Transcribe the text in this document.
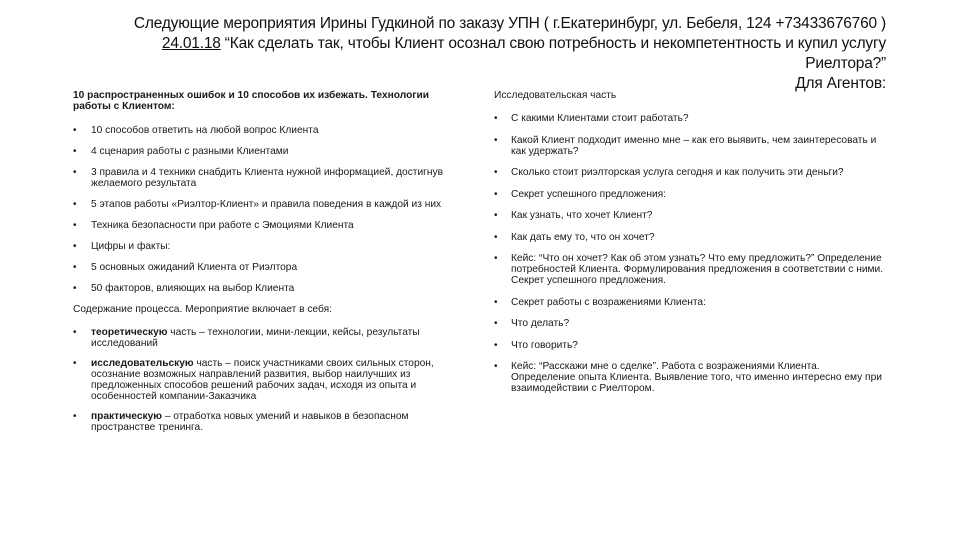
Следующие мероприятия Ирины Гудкиной по заказу УПН ( г.Екатеринбург, ул. Бебеля, 124 +73433676760 )
24.01.18 “Как сделать так, чтобы Клиент осознал свою потребность и некомпетентность и купил услугу Риелтора?”
Для Агентов:
10 распространенных ошибок и 10 способов их избежать. Технологии работы с Клиентом:
• 10 способов ответить на любой вопрос Клиента
• 4 сценария работы с разными Клиентами
• 3 правила и 4 техники снабдить Клиента нужной информацией, достигнув желаемого результата
• 5 этапов работы «Риэлтор-Клиент» и правила поведения в каждой из них
• Техника безопасности при работе с Эмоциями Клиента
• Цифры и факты:
• 5 основных ожиданий Клиента от Риэлтора
• 50 факторов, влияющих на выбор Клиента
Содержание процесса. Мероприятие включает в себя:
• теоретическую часть – технологии, мини-лекции, кейсы, результаты исследований
• исследовательскую часть – поиск участниками своих сильных сторон, осознание возможных направлений развития, выбор наилучших из предложенных способов решений рабочих задач, исходя из опыта и особенностей компании-Заказчика
• практическую – отработка новых умений и навыков в безопасном пространстве тренинга.
Исследовательская часть
• С какими Клиентами стоит работать?
• Какой Клиент подходит именно мне – как его выявить, чем заинтересовать и как удержать?
• Сколько стоит риэлторская услуга сегодня и как получить эти деньги?
• Секрет успешного предложения:
• Как узнать, что хочет Клиент?
• Как дать ему то, что он хочет?
• Кейс: “Что он хочет? Как об этом узнать? Что ему предложить?” Определение потребностей Клиента. Формулирования предложения в соответствии с ними. Секрет успешного предложения.
• Секрет работы с возражениями Клиента:
• Что делать?
• Что говорить?
• Кейс: “Расскажи мне о сделке”. Работа с возражениями Клиента. Определение опыта Клиента. Выявление того, что именно интересно ему при взаимодействии с Риелтором.
